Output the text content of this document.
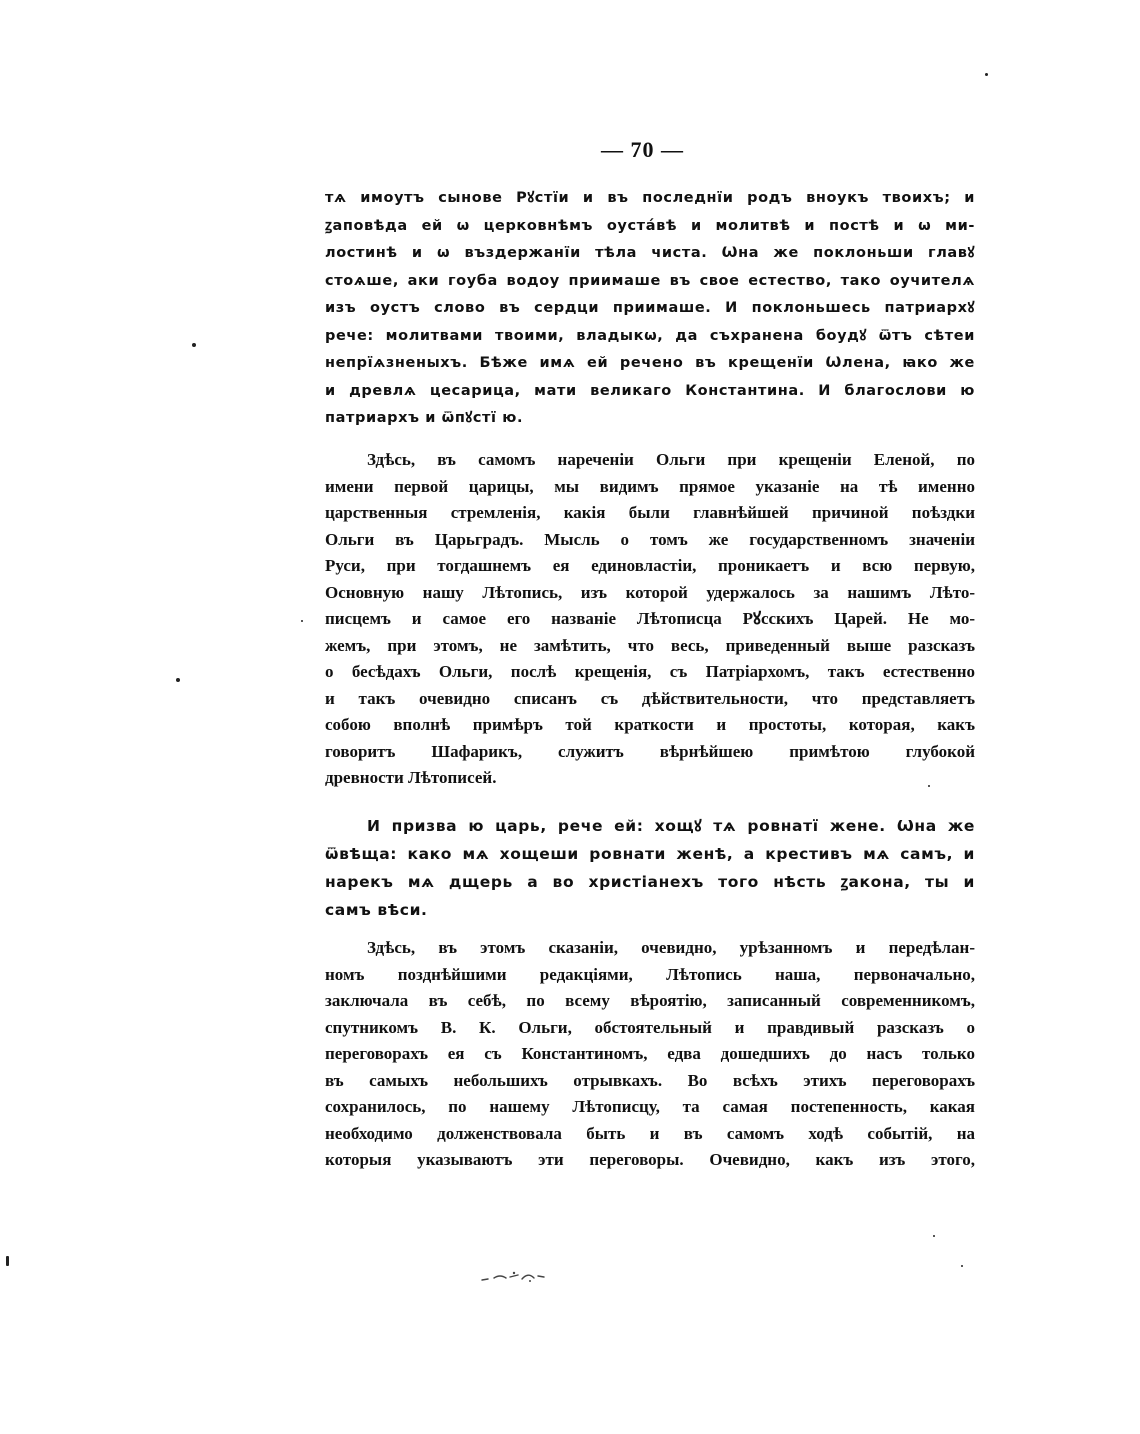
— 70 —
тѧ имоутъ сынове Рꙋстїи и въ последнїи родъ внoукъ твоихъ; и
ꙁаповѣда ей ѡ церковнѣмъ оустáвѣ и молитвѣ и постѣ и ѡ ми-
лостинѣ и ѡ въздержанїи тѣла чиста. Ѡна же поклоньши главꙋ
стоѧше, аки гоуба водоу приимаше въ свое естество, тако оучителѧ
изъ оустъ слово въ сердци приимаше. И поклоньшесь патриархꙋ
рече: молитвами твоими, владыкѡ, да съхранена боудꙋ ѿтъ сѣтеи
непрїѧзненыхъ. Бѣже имѧ ей речено въ крещенїи Ѡлена, ꙗко же
и древлѧ цесарица, мати великаго Константина. И благослови ю
патриархъ и ѿпꙋстї ю.
Здѣсь, въ самомъ нареченіи Ольги при крещеніи Еленой, по
имени первой царицы, мы видимъ прямое указаніе на тѣ именно
царственныя стремленія, какія были главнѣйшей причиной поѣздки
Ольги въ Царьградъ. Мысль о томъ же государственномъ значеніи
Руси, при тогдашнемъ ея единовластіи, проникаетъ и всю первую,
Основную нашу Лѣтопись, изъ которой удержалось за нашимъ Лѣто-
писцемъ и самое его названіе Лѣтописца Рꙋсскихъ Царей. Не мо-
жемъ, при этомъ, не замѣтить, что весь, приведенный выше разсказъ
о бесѣдахъ Ольги, послѣ крещенія, съ Патріархомъ, такъ естественно
и такъ очевидно списанъ съ дѣйствительности, что представляетъ
собою вполнѣ примѣръ той краткости и простоты, которая, какъ
говоритъ Шафарикъ, служитъ вѣрнѣйшею примѣтою глубокой
древности Лѣтописей.
И призва ю царь, рече ей: хощꙋ тѧ ровнатї жене. Ѡна же
ѿвѣща: како мѧ хощеши ровнати женѣ, а крестивъ мѧ самъ, и
нарекъ мѧ дщерь а во христіанехъ того нѣсть ꙁакона, ты и
самъ вѣси.
Здѣсь, въ этомъ сказаніи, очевидно, урѣзанномъ и передѣлан-
номъ позднѣйшими редакціями, Лѣтопись наша, первоначально,
заключала въ себѣ, по всему вѣроятію, записанный современникомъ,
спутникомъ В. К. Ольги, обстоятельный и правдивый разсказъ о
переговорахъ ея съ Константиномъ, едва дошедшихъ до насъ только
въ самыхъ небольшихъ отрывкахъ. Во всѣхъ этихъ переговорахъ
сохранилось, по нашему Лѣтописцу, та самая постепенность, какая
необходимо долженствовала быть и въ самомъ ходѣ событій, на
которыя указываютъ эти переговоры. Очевидно, какъ изъ этого,
